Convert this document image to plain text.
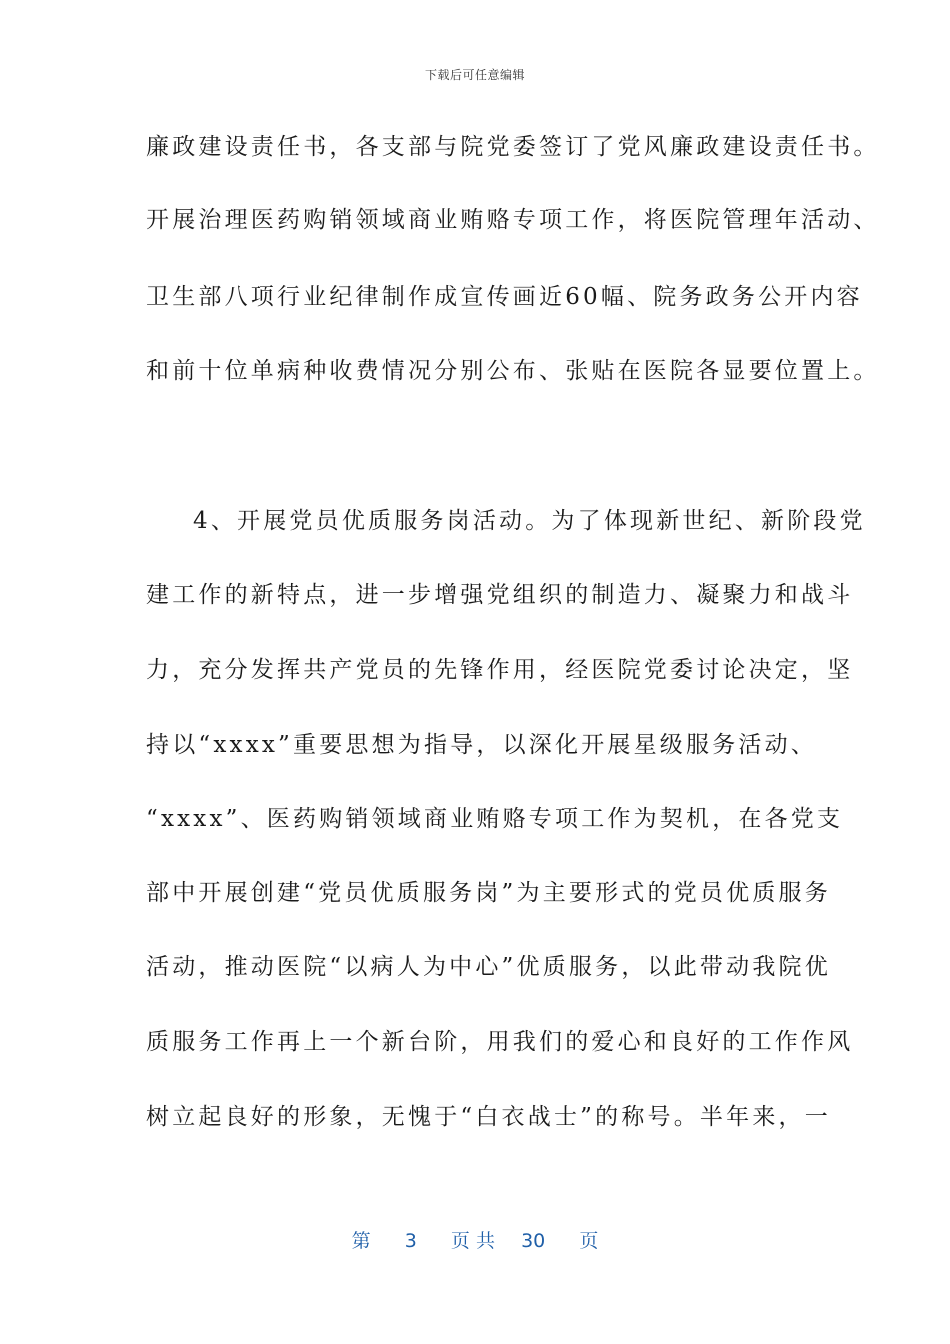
下载后可任意编辑
廉政建设责任书，各支部与院党委签订了党风廉政建设责任书。
开展治理医药购销领域商业贿赂专项工作，将医院管理年活动、
卫生部八项行业纪律制作成宣传画近60幅、院务政务公开内容
和前十位单病种收费情况分别公布、张贴在医院各显要位置上。
4、开展党员优质服务岗活动。为了体现新世纪、新阶段党
建工作的新特点，进一步增强党组织的制造力、凝聚力和战斗
力，充分发挥共产党员的先锋作用，经医院党委讨论决定，坚
持以“xxxx”重要思想为指导，以深化开展星级服务活动、
“xxxx”、医药购销领域商业贿赂专项工作为契机，在各党支
部中开展创建“党员优质服务岗”为主要形式的党员优质服务
活动，推动医院“以病人为中心”优质服务，以此带动我院优
质服务工作再上一个新台阶，用我们的爱心和良好的工作作风
树立起良好的形象，无愧于“白衣战士”的称号。半年来，一
第 3 页 共 30 页
